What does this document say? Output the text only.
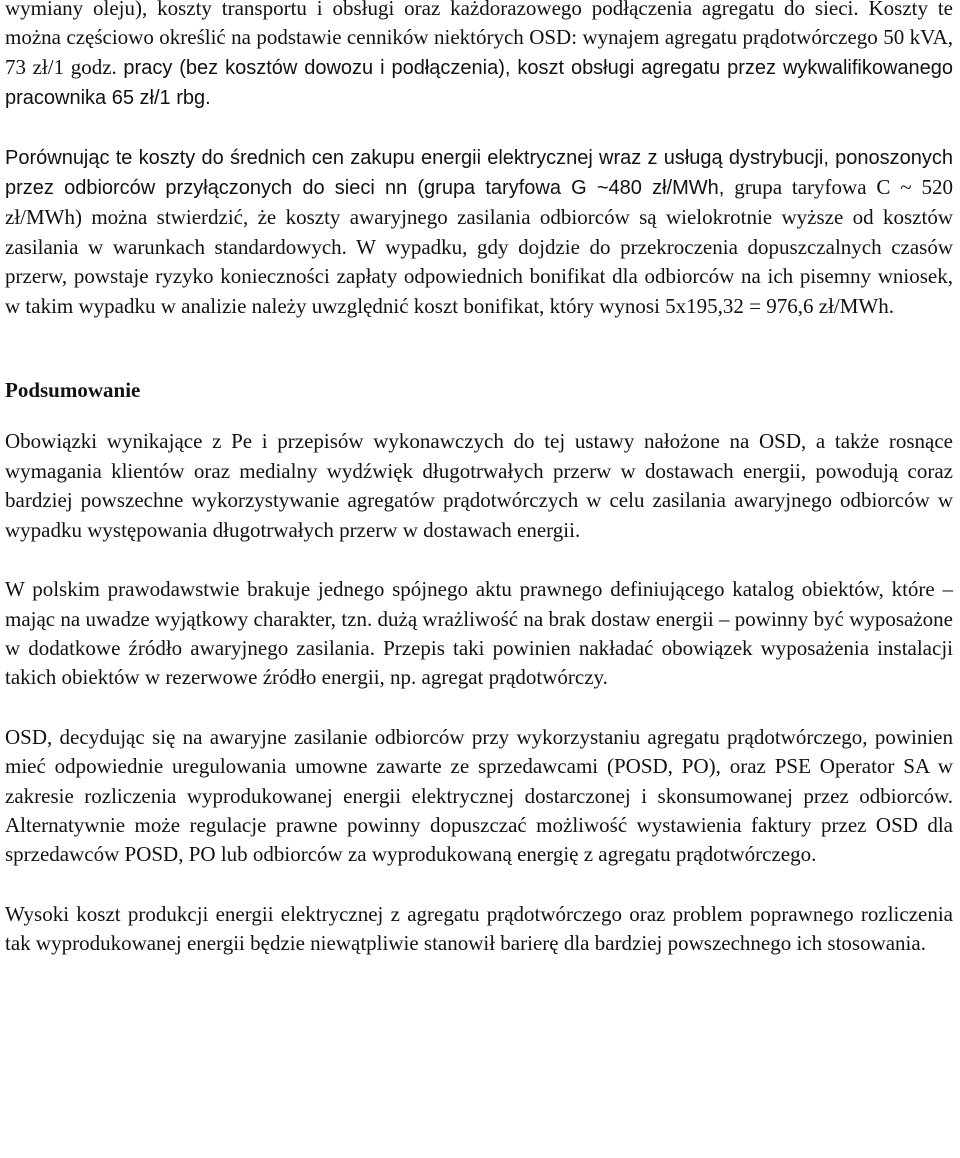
wymiany oleju), koszty transportu i obsługi oraz każdorazowego podłączenia agregatu do sieci. Koszty te można częściowo określić na podstawie cenników niektórych OSD: wynajem agregatu prądotwórczego 50 kVA, 73 zł/1 godz. pracy (bez kosztów dowozu i podłączenia), koszt obsługi agregatu przez wykwalifikowanego pracownika 65 zł/1 rbg.

Porównując te koszty do średnich cen zakupu energii elektrycznej wraz z usługą dystrybucji, ponoszonych przez odbiorców przyłączonych do sieci nn (grupa taryfowa G ~480 zł/MWh, grupa taryfowa C ~ 520 zł/MWh) można stwierdzić, że koszty awaryjnego zasilania odbiorców są wielokrotnie wyższe od kosztów zasilania w warunkach standardowych. W wypadku, gdy dojdzie do przekroczenia dopuszczalnych czasów przerw, powstaje ryzyko konieczności zapłaty odpowiednich bonifikat dla odbiorców na ich pisemny wniosek, w takim wypadku w analizie należy uwzględnić koszt bonifikat, który wynosi 5x195,32 = 976,6 zł/MWh.

Podsumowanie

Obowiązki wynikające z Pe i przepisów wykonawczych do tej ustawy nałożone na OSD, a także rosnące wymagania klientów oraz medialny wydźwięk długotrwałych przerw w dostawach energii, powodują coraz bardziej powszechne wykorzystywanie agregatów prądotwórczych w celu zasilania awaryjnego odbiorców w wypadku występowania długotrwałych przerw w dostawach energii.

W polskim prawodawstwie brakuje jednego spójnego aktu prawnego definiującego katalog obiektów, które – mając na uwadze wyjątkowy charakter, tzn. dużą wrażliwość na brak dostaw energii – powinny być wyposażone w dodatkowe źródło awaryjnego zasilania. Przepis taki powinien nakładać obowiązek wyposażenia instalacji takich obiektów w rezerwowe źródło energii, np. agregat prądotwórczy.

OSD, decydując się na awaryjne zasilanie odbiorców przy wykorzystaniu agregatu prądotwórczego, powinien mieć odpowiednie uregulowania umowne zawarte ze sprzedawcami (POSD, PO), oraz PSE Operator SA w zakresie rozliczenia wyprodukowanej energii elektrycznej dostarczonej i skonsumowanej przez odbiorców. Alternatywnie może regulacje prawne powinny dopuszczać możliwość wystawienia faktury przez OSD dla sprzedawców POSD, PO lub odbiorców za wyprodukowaną energię z agregatu prądotwórczego.

Wysoki koszt produkcji energii elektrycznej z agregatu prądotwórczego oraz problem poprawnego rozliczenia tak wyprodukowanej energii będzie niewątpliwie stanowił barierę dla bardziej powszechnego ich stosowania.
